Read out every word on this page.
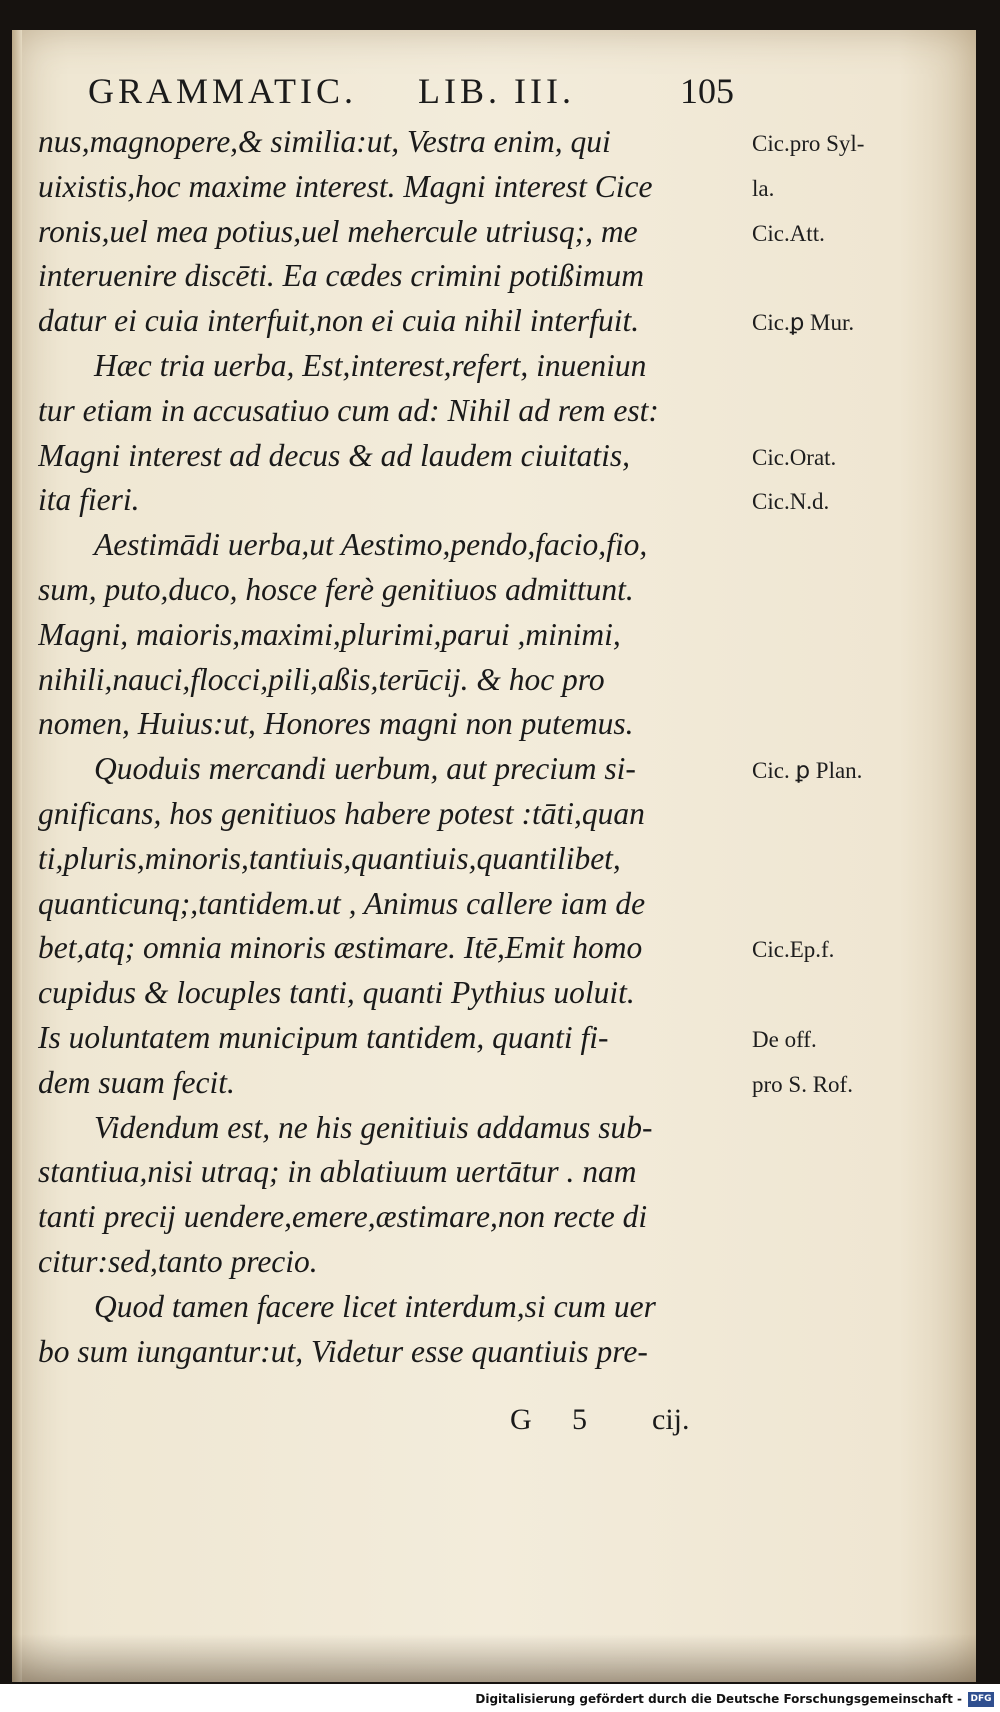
GRAMMATIC. LIB. III.	105
nus,magnopere,& similia:ut, Vestra enim, qui
uixistis,hoc maxime interest. Magni interest Cice
ronis,uel mea potius,uel mehercule utriusq;, me
interuenire discēti. Ea cædes crimini potißimum
datur ei cuia interfuit,non ei cuia nihil interfuit.
Hæc tria uerba, Est,interest,refert, inueniun
tur etiam in accusatiuo cum ad: Nihil ad rem est:
Magni interest ad decus & ad laudem ciuitatis,
ita fieri.
Aestimādi uerba,ut Aestimo,pendo,facio,fio,
sum, puto,duco, hosce ferè genitiuos admittunt.
Magni, maioris,maximi,plurimi,parui ,minimi,
nihili,nauci,flocci,pili,aßis,terūcij. & hoc pro
nomen, Huius:ut, Honores magni non putemus.
Quoduis mercandi uerbum, aut precium si-
gnificans, hos genitiuos habere potest :tāti,quan
ti,pluris,minoris,tantiuis,quantiuis,quantilibet,
quanticunq;,tantidem.ut , Animus callere iam de
bet,atq; omnia minoris æstimare. Itē,Emit homo
cupidus & locuples tanti, quanti Pythius uoluit.
Is uoluntatem municipum tantidem, quanti fi-
dem suam fecit.
Videndum est, ne his genitiuis addamus sub-
stantiua,nisi utraq; in ablatiuum uertātur . nam
tanti precij uendere,emere,æstimare,non recte di
citur:sed,tanto precio.
Quod tamen facere licet interdum,si cum uer
bo sum iungantur:ut, Videtur esse quantiuis pre-
Cic.pro Syl-
la.
Cic.Att.
Cic.ꝑ Mur.
Cic.Orat.
Cic.N.d.
Cic. ꝑ Plan.
Cic.Ep.f.
De off.
pro S. Rof.
G 5 cij.
Digitalisierung gefördert durch die Deutsche Forschungsgemeinschaft - DFG
